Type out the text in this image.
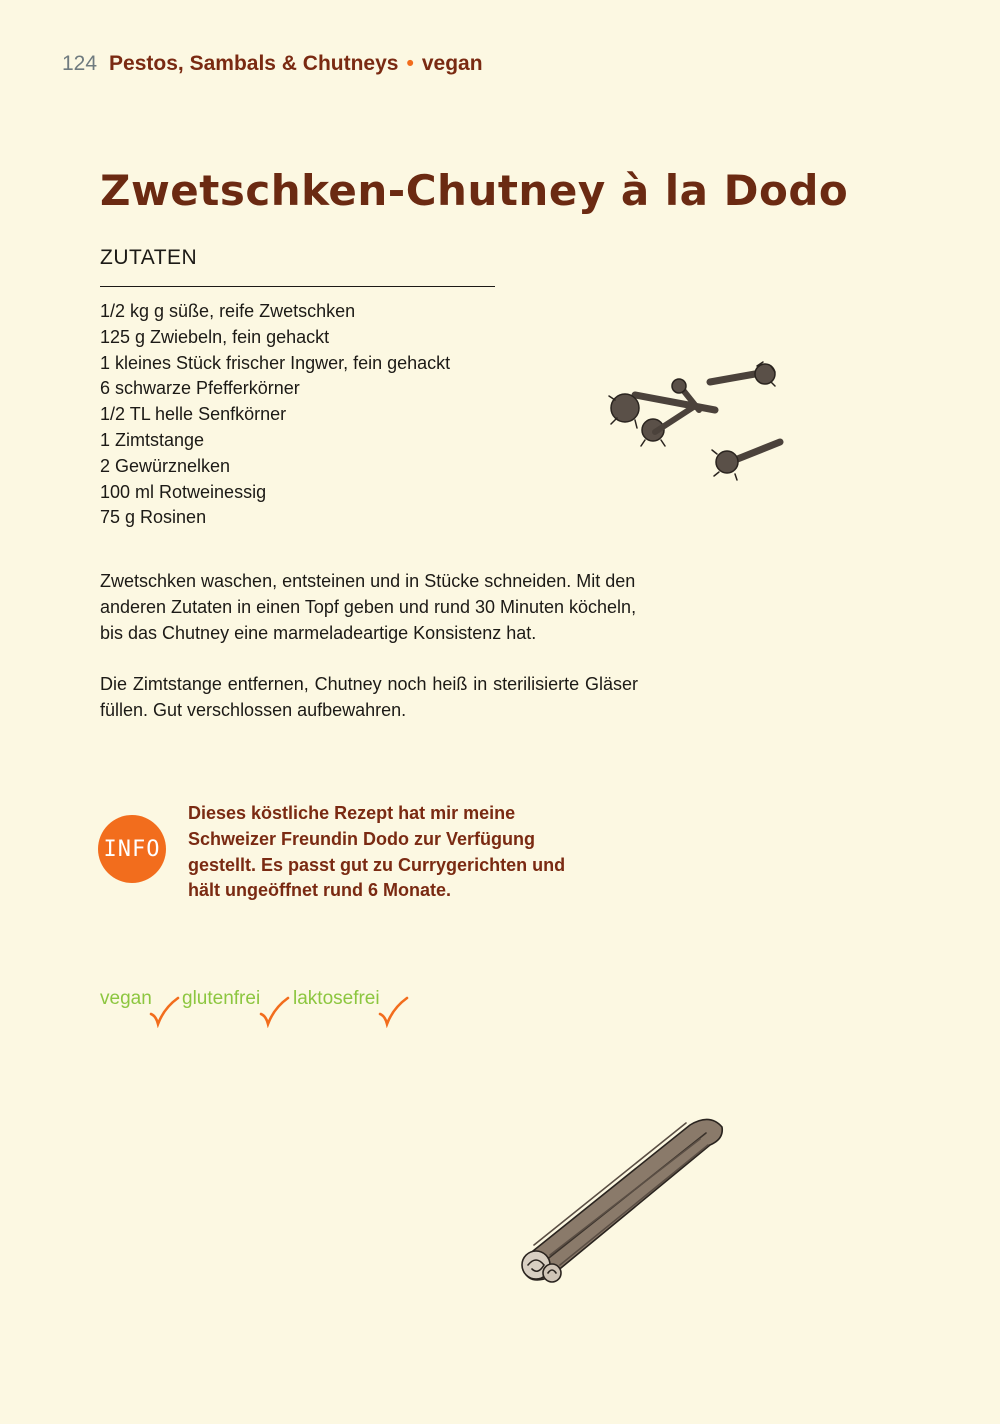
124 Pestos, Sambals & Chutneys • vegan
Zwetschken-Chutney à la Dodo
ZUTATEN
1/2 kg g süße, reife Zwetschken
125 g Zwiebeln, fein gehackt
1 kleines Stück frischer Ingwer, fein gehackt
6 schwarze Pfefferkörner
1/2 TL helle Senfkörner
1 Zimtstange
2 Gewürznelken
100 ml Rotweinessig
75 g Rosinen

Zwetschken waschen, entsteinen und in Stücke schneiden. Mit den anderen Zutaten in einen Topf geben und rund 30 Minuten köcheln, bis das Chutney eine marmeladeartige Konsistenz hat.

Die Zimtstange entfernen, Chutney noch heiß in sterilisierte Gläser füllen. Gut verschlossen aufbewahren.

INFO
Dieses köstliche Rezept hat mir meine Schweizer Freundin Dodo zur Verfügung gestellt. Es passt gut zu Currygerichten und hält ungeöffnet rund 6 Monate.
vegan glutenfrei laktosefrei
